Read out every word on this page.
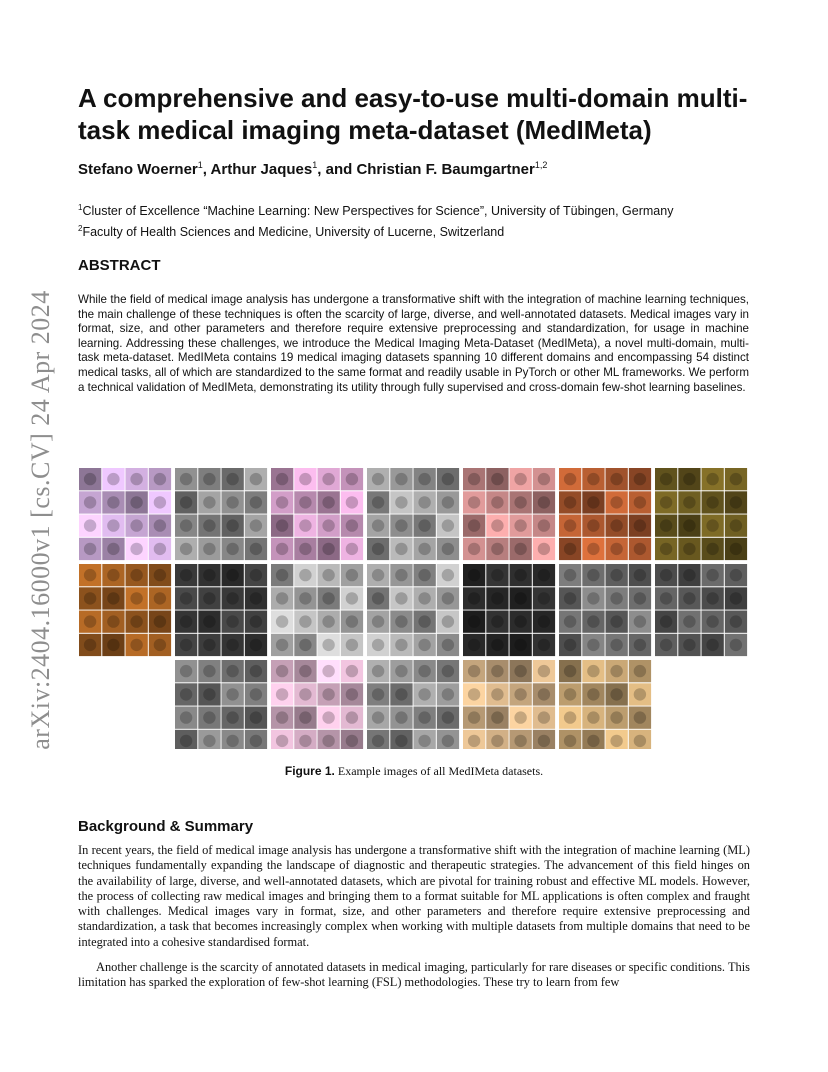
arXiv:2404.16000v1 [cs.CV] 24 Apr 2024
A comprehensive and easy-to-use multi-domain multi-task medical imaging meta-dataset (MedIMeta)
Stefano Woerner$^1$, Arthur Jaques$^1$, and Christian F. Baumgartner$^{1,2}$
$^1$Cluster of Excellence “Machine Learning: New Perspectives for Science”, University of Tübingen, Germany
$^2$Faculty of Health Sciences and Medicine, University of Lucerne, Switzerland
ABSTRACT

While the field of medical image analysis has undergone a transformative shift with the integration of machine learning techniques, the main challenge of these techniques is often the scarcity of large, diverse, and well-annotated datasets. Medical images vary in format, size, and other parameters and therefore require extensive preprocessing and standardization, for usage in machine learning. Addressing these challenges, we introduce the Medical Imaging Meta-Dataset (MedIMeta), a novel multi-domain, multi-task meta-dataset. MedIMeta contains 19 medical imaging datasets spanning 10 different domains and encompassing 54 distinct medical tasks, all of which are standardized to the same format and readily usable in PyTorch or other ML frameworks. We perform a technical validation of MedIMeta, demonstrating its utility through fully supervised and cross-domain few-shot learning baselines.

Figure 1. Example images of all MedIMeta datasets.
Background & Summary

In recent years, the field of medical image analysis has undergone a transformative shift with the integration of machine learning (ML) techniques fundamentally expanding the landscape of diagnostic and therapeutic strategies. The advancement of this field hinges on the availability of large, diverse, and well-annotated datasets, which are pivotal for training robust and effective ML models. However, the process of collecting raw medical images and bringing them to a format suitable for ML applications is often complex and fraught with challenges. Medical images vary in format, size, and other parameters and therefore require extensive preprocessing and standardization, a task that becomes increasingly complex when working with multiple datasets from multiple domains that need to be integrated into a cohesive standardised format.

Another challenge is the scarcity of annotated datasets in medical imaging, particularly for rare diseases or specific conditions. This limitation has sparked the exploration of few-shot learning (FSL) methodologies. These try to learn from few
